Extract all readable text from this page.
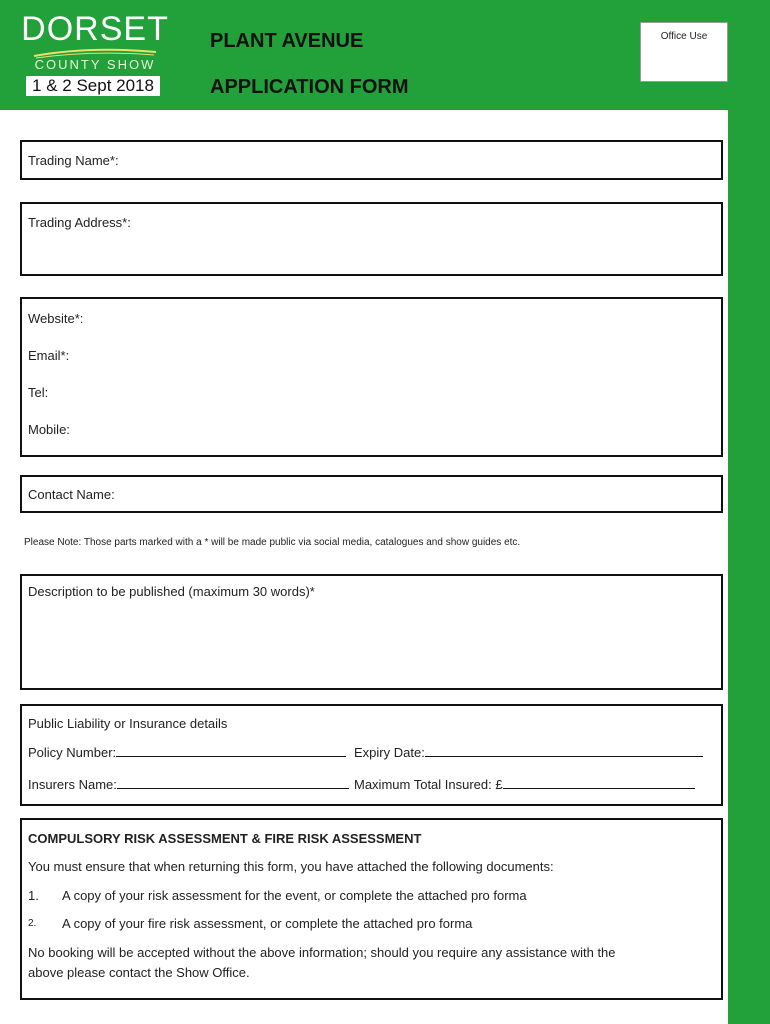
DORSET
COUNTY SHOW
1 & 2 Sept 2018
PLANT AVENUE
APPLICATION FORM
Office Use
Trading Name*:
Trading Address*:
Website*:
Email*:
Tel:
Mobile:
Contact Name:
Please Note: Those parts marked with a * will be made public via social media, catalogues and show guides etc.
Description to be published (maximum 30 words)*
Public Liability or Insurance details
Policy Number:	Expiry Date:
Insurers Name:	Maximum Total Insured: £
COMPULSORY RISK ASSESSMENT & FIRE RISK ASSESSMENT
You must ensure that when returning this form, you have attached the following documents:
1. A copy of your risk assessment for the event, or complete the attached pro forma
2. A copy of your fire risk assessment, or complete the attached pro forma
No booking will be accepted without the above information; should you require any assistance with the
above please contact the Show Office.
